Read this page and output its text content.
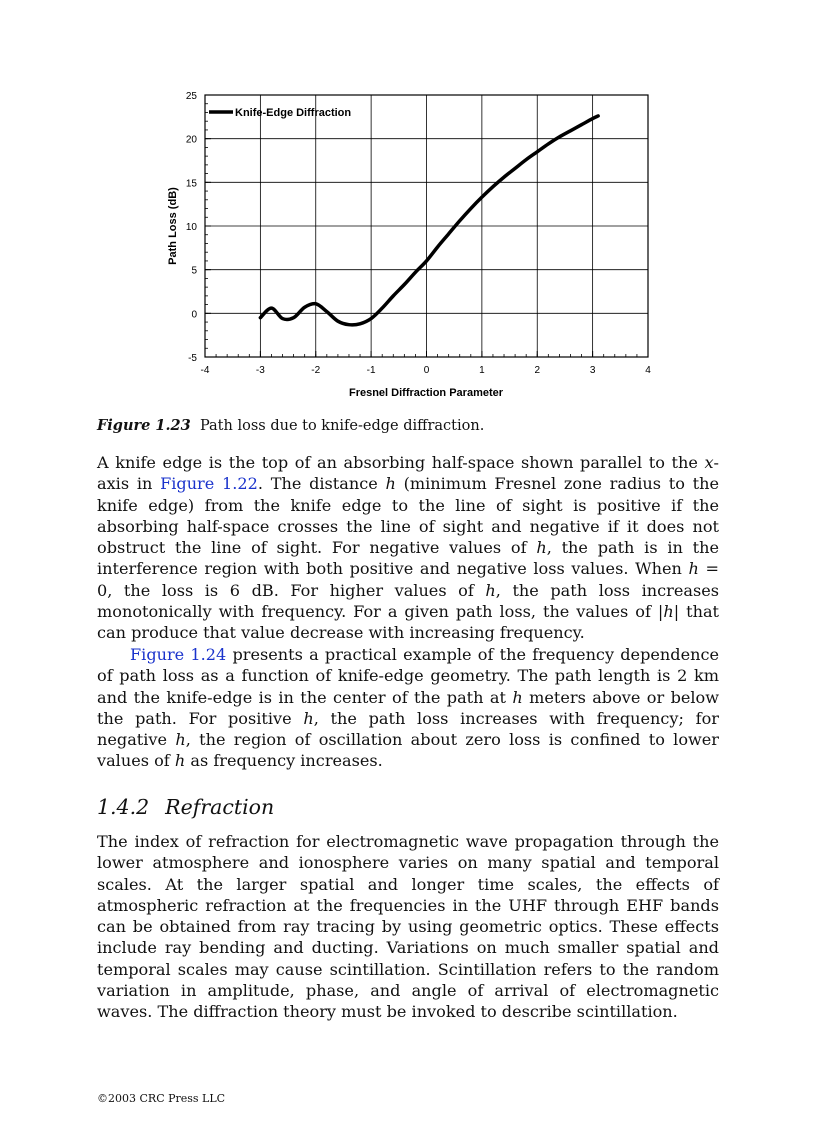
-4	-3	-2	-1	0	1	2	3	4
-5
0
5
10
15
20
25
Knife-Edge Diffraction
Fresnel Diffraction Parameter
Path Loss (dB)
Figure 1.23 Path loss due to knife-edge diffraction.

A knife edge is the top of an absorbing half-space shown parallel to the x-axis in Figure 1.22. The distance h (minimum Fresnel zone radius to the knife edge) from the knife edge to the line of sight is positive if the absorbing half-space crosses the line of sight and negative if it does not obstruct the line of sight. For negative values of h, the path is in the interference region with both positive and negative loss values. When h = 0, the loss is 6 dB. For higher values of h, the path loss increases monotonically with frequency. For a given path loss, the values of |h| that can produce that value decrease with increasing frequency.

Figure 1.24 presents a practical example of the frequency dependence of path loss as a function of knife-edge geometry. The path length is 2 km and the knife-edge is in the center of the path at h meters above or below the path. For positive h, the path loss increases with frequency; for negative h, the region of oscillation about zero loss is confined to lower values of h as frequency increases.

1.4.2 Refraction

The index of refraction for electromagnetic wave propagation through the lower atmosphere and ionosphere varies on many spatial and temporal scales. At the larger spatial and longer time scales, the effects of atmospheric refraction at the frequencies in the UHF through EHF bands can be obtained from ray tracing by using geometric optics. These effects include ray bending and ducting. Variations on much smaller spatial and temporal scales may cause scintillation. Scintillation refers to the random variation in amplitude, phase, and angle of arrival of electromagnetic waves. The diffraction theory must be invoked to describe scintillation.

©2003 CRC Press LLC
